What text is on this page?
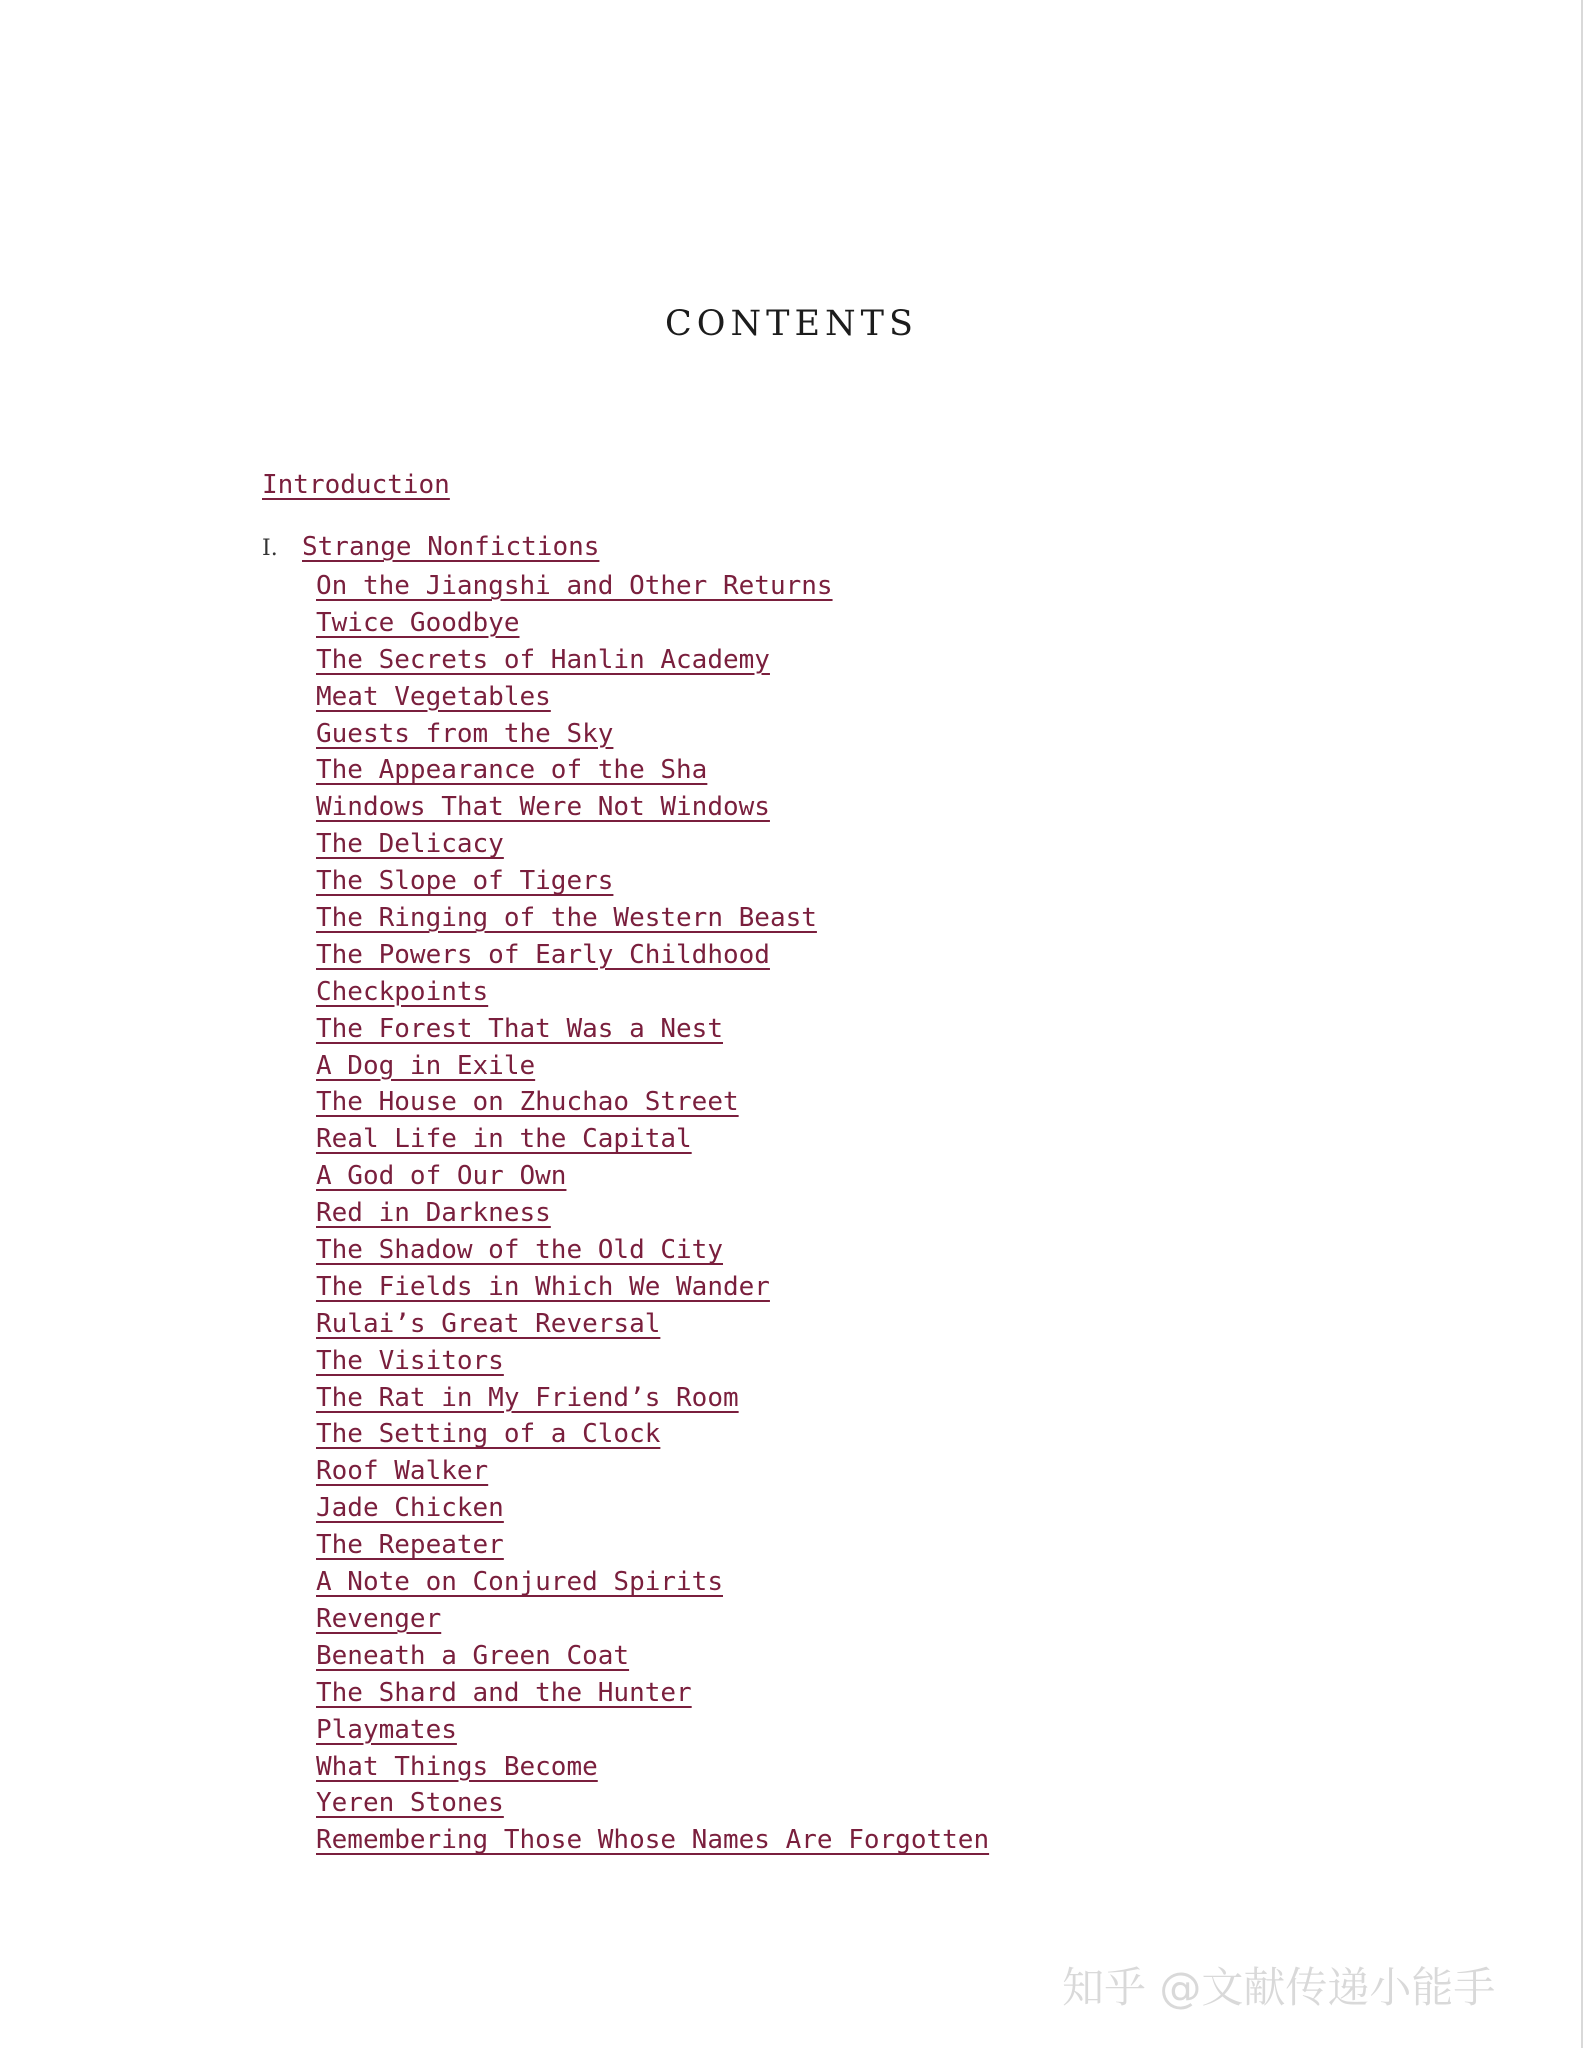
CONTENTS
Introduction
I. Strange Nonfictions
On the Jiangshi and Other Returns
Twice Goodbye
The Secrets of Hanlin Academy
Meat Vegetables
Guests from the Sky
The Appearance of the Sha
Windows That Were Not Windows
The Delicacy
The Slope of Tigers
The Ringing of the Western Beast
The Powers of Early Childhood
Checkpoints
The Forest That Was a Nest
A Dog in Exile
The House on Zhuchao Street
Real Life in the Capital
A God of Our Own
Red in Darkness
The Shadow of the Old City
The Fields in Which We Wander
Rulai’s Great Reversal
The Visitors
The Rat in My Friend’s Room
The Setting of a Clock
Roof Walker
Jade Chicken
The Repeater
A Note on Conjured Spirits
Revenger
Beneath a Green Coat
The Shard and the Hunter
Playmates
What Things Become
Yeren Stones
Remembering Those Whose Names Are Forgotten
知乎 @文献传递小能手
